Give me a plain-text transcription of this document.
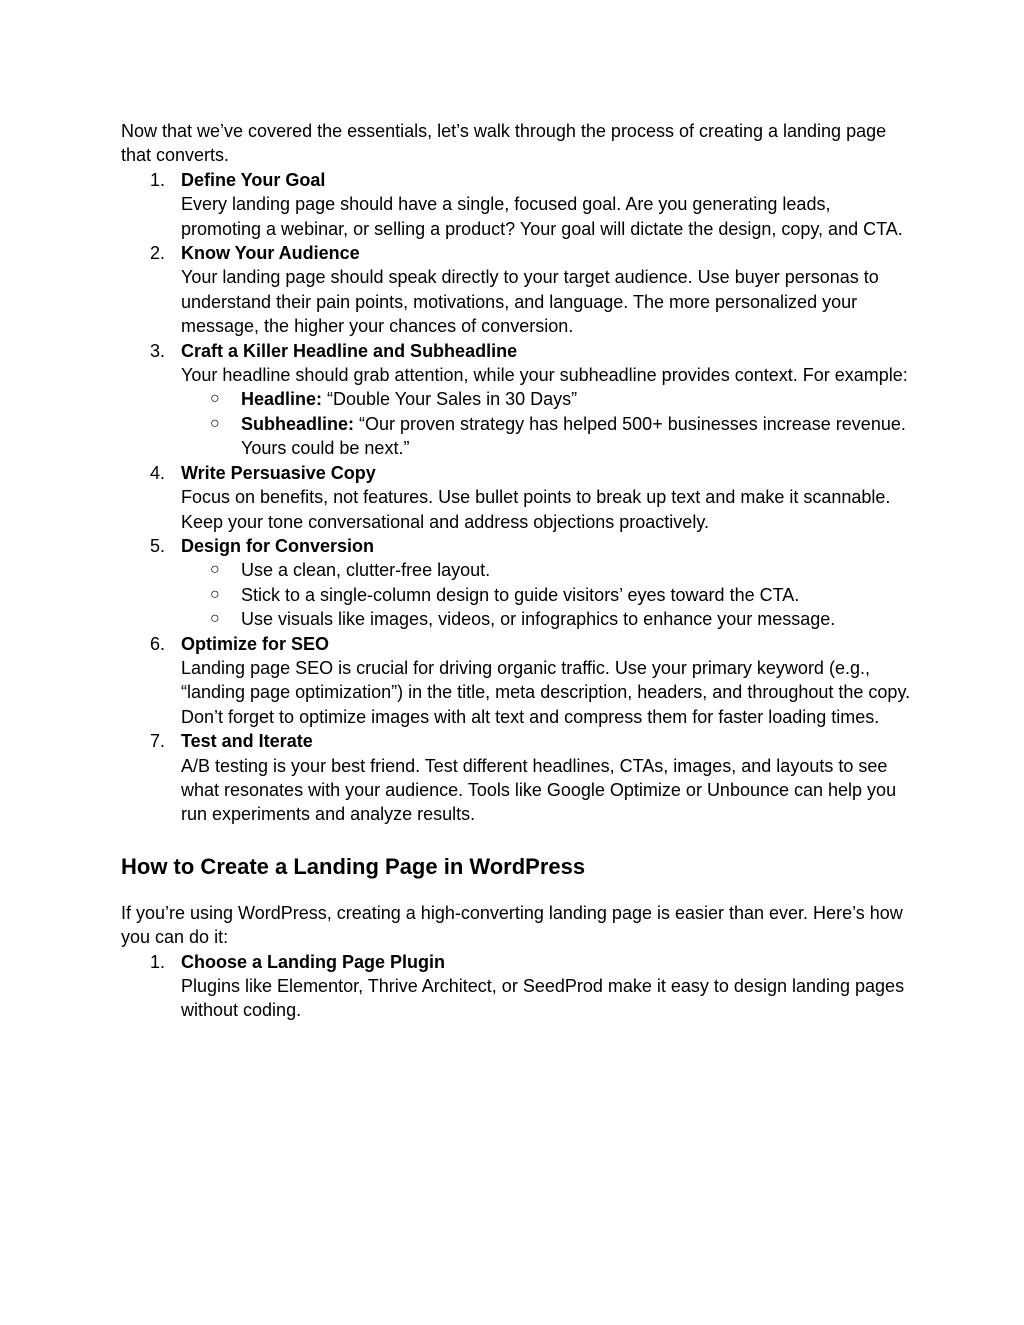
Now that we’ve covered the essentials, let’s walk through the process of creating a landing page that converts.

1. Define Your Goal
Every landing page should have a single, focused goal. Are you generating leads, promoting a webinar, or selling a product? Your goal will dictate the design, copy, and CTA.
2. Know Your Audience
Your landing page should speak directly to your target audience. Use buyer personas to understand their pain points, motivations, and language. The more personalized your message, the higher your chances of conversion.
3. Craft a Killer Headline and Subheadline
Your headline should grab attention, while your subheadline provides context. For example:
○ Headline: “Double Your Sales in 30 Days”
○ Subheadline: “Our proven strategy has helped 500+ businesses increase revenue. Yours could be next.”
4. Write Persuasive Copy
Focus on benefits, not features. Use bullet points to break up text and make it scannable. Keep your tone conversational and address objections proactively.
5. Design for Conversion
○ Use a clean, clutter-free layout.
○ Stick to a single-column design to guide visitors’ eyes toward the CTA.
○ Use visuals like images, videos, or infographics to enhance your message.
6. Optimize for SEO
Landing page SEO is crucial for driving organic traffic. Use your primary keyword (e.g., “landing page optimization”) in the title, meta description, headers, and throughout the copy. Don’t forget to optimize images with alt text and compress them for faster loading times.
7. Test and Iterate
A/B testing is your best friend. Test different headlines, CTAs, images, and layouts to see what resonates with your audience. Tools like Google Optimize or Unbounce can help you run experiments and analyze results.
How to Create a Landing Page in WordPress

If you’re using WordPress, creating a high-converting landing page is easier than ever. Here’s how you can do it:

1. Choose a Landing Page Plugin
Plugins like Elementor, Thrive Architect, or SeedProd make it easy to design landing pages without coding.
